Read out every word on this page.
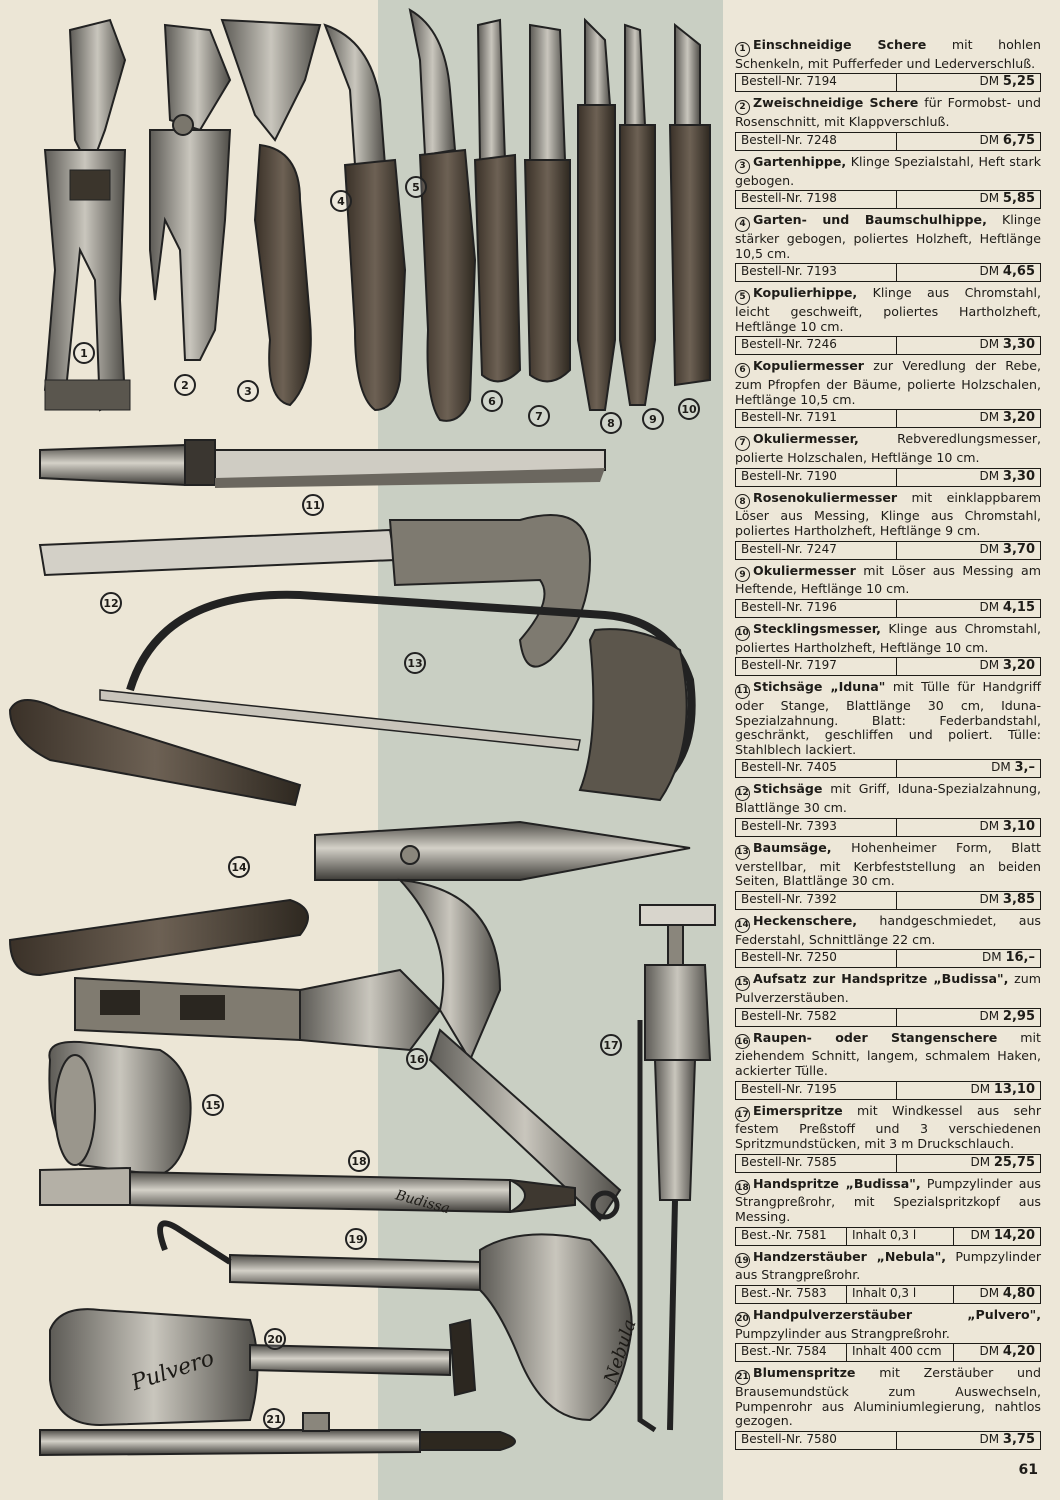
Pulvero	Nebula
Budissa
1
2	3
4
5
6
7
8	9
10
11
12
13
14
15
16
17
18
19
20
21
1 Einschneidige Schere mit hohlen Schenkeln, mit Pufferfeder und Lederverschluß.
Bestell-Nr. 7194	DM 5,25
2 Zweischneidige Schere für Formobst- und Rosenschnitt, mit Klappverschluß.
Bestell-Nr. 7248	DM 6,75
3 Gartenhippe, Klinge Spezialstahl, Heft stark gebogen.
Bestell-Nr. 7198	DM 5,85
4 Garten- und Baumschulhippe, Klinge stärker gebogen, poliertes Holzheft, Heftlänge 10,5 cm.
Bestell-Nr. 7193	DM 4,65
5 Kopulierhippe, Klinge aus Chromstahl, leicht geschweift, poliertes Hartholzheft, Heftlänge 10 cm.
Bestell-Nr. 7246	DM 3,30
6 Kopuliermesser zur Veredlung der Rebe, zum Pfropfen der Bäume, polierte Holzschalen, Heftlänge 10,5 cm.
Bestell-Nr. 7191	DM 3,20
7 Okuliermesser, Rebveredlungsmesser, polierte Holzschalen, Heftlänge 10 cm.
Bestell-Nr. 7190	DM 3,30
8 Rosenokuliermesser mit einklappbarem Löser aus Messing, Klinge aus Chromstahl, poliertes Hartholzheft, Heftlänge 9 cm.
Bestell-Nr. 7247	DM 3,70
9 Okuliermesser mit Löser aus Messing am Heftende, Heftlänge 10 cm.
Bestell-Nr. 7196	DM 4,15
10 Stecklingsmesser, Klinge aus Chromstahl, poliertes Hartholzheft, Heftlänge 10 cm.
Bestell-Nr. 7197	DM 3,20
11 Stichsäge „Iduna" mit Tülle für Handgriff oder Stange, Blattlänge 30 cm, Iduna-Spezialzahnung. Blatt: Federbandstahl, geschränkt, geschliffen und poliert. Tülle: Stahlblech lackiert.
Bestell-Nr. 7405	DM 3,–
12 Stichsäge mit Griff, Iduna-Spezialzahnung, Blattlänge 30 cm.
Bestell-Nr. 7393	DM 3,10
13 Baumsäge, Hohenheimer Form, Blatt verstellbar, mit Kerbfeststellung an beiden Seiten, Blattlänge 30 cm.
Bestell-Nr. 7392	DM 3,85
14 Heckenschere, handgeschmiedet, aus Federstahl, Schnittlänge 22 cm.
Bestell-Nr. 7250	DM 16,–
15 Aufsatz zur Handspritze „Budissa", zum Pulverzerstäuben.
Bestell-Nr. 7582	DM 2,95
16 Raupen- oder Stangenschere mit ziehendem Schnitt, langem, schmalem Haken, ackierter Tülle.
Bestell-Nr. 7195	DM 13,10
17 Eimerspritze mit Windkessel aus sehr festem Preßstoff und 3 verschiedenen Spritzmundstücken, mit 3 m Druckschlauch.
Bestell-Nr. 7585	DM 25,75
18 Handspritze „Budissa", Pumpzylinder aus Strangpreßrohr, mit Spezialspritzkopf aus Messing.
Best.-Nr. 7581	Inhalt 0,3 l	DM 14,20
19 Handzerstäuber „Nebula", Pumpzylinder aus Strangpreßrohr.
Best.-Nr. 7583	Inhalt 0,3 l	DM 4,80
20 Handpulverzerstäuber „Pulvero", Pumpzylinder aus Strangpreßrohr.
Best.-Nr. 7584	Inhalt 400 ccm	DM 4,20
21 Blumenspritze mit Zerstäuber und Brausemundstück zum Auswechseln, Pumpenrohr aus Aluminiumlegierung, nahtlos gezogen.
Bestell-Nr. 7580	DM 3,75
61
